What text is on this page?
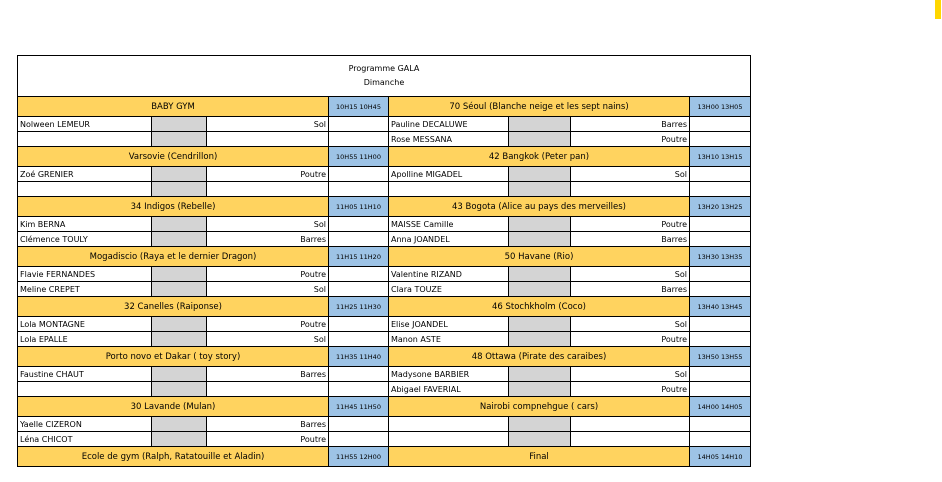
Programme GALA
Dimanche							

BABY GYM			10H15 10H45	70 Séoul (Blanche neige et les sept nains)			13H00 13H05
Nolween LEMEUR		Sol		Pauline DECALUWE		Barres	
				Rose MESSANA		Poutre	
Varsovie (Cendrillon)			10H55 11H00	42 Bangkok (Peter pan)			13H10 13H15
Zoé GRENIER		Poutre		Apolline MIGADEL		Sol	

34 Indigos (Rebelle)			11H05 11H10	43 Bogota (Alice au pays des merveilles)			13H20 13H25
Kim BERNA		Sol		MAISSE Camille		Poutre	
Clémence TOULY		Barres		Anna JOANDEL		Barres	
Mogadiscio (Raya et le dernier Dragon)			11H15 11H20	50 Havane (Rio)			13H30 13H35
Flavie FERNANDES		Poutre		Valentine RIZAND		Sol	
Meline CREPET		Sol		Clara TOUZE		Barres	
32 Canelles (Raiponse)			11H25 11H30	46 Stochkholm (Coco)			13H40 13H45
Lola MONTAGNE		Poutre		Elise JOANDEL		Sol	
Lola EPALLE		Sol		Manon ASTE		Poutre	
Porto novo et Dakar ( toy story)			11H35 11H40	48 Ottawa (Pirate des caraibes)			13H50 13H55
Faustine CHAUT		Barres		Madysone BARBIER		Sol	
				Abigael FAVERIAL		Poutre	
30 Lavande (Mulan)			11H45 11H50	Nairobi compnehgue ( cars)			14H00 14H05
Yaelle CIZERON		Barres					
Léna CHICOT		Poutre					
Ecole de gym (Ralph, Ratatouille et Aladin)			11H55 12H00	Final			14H05 14H10
